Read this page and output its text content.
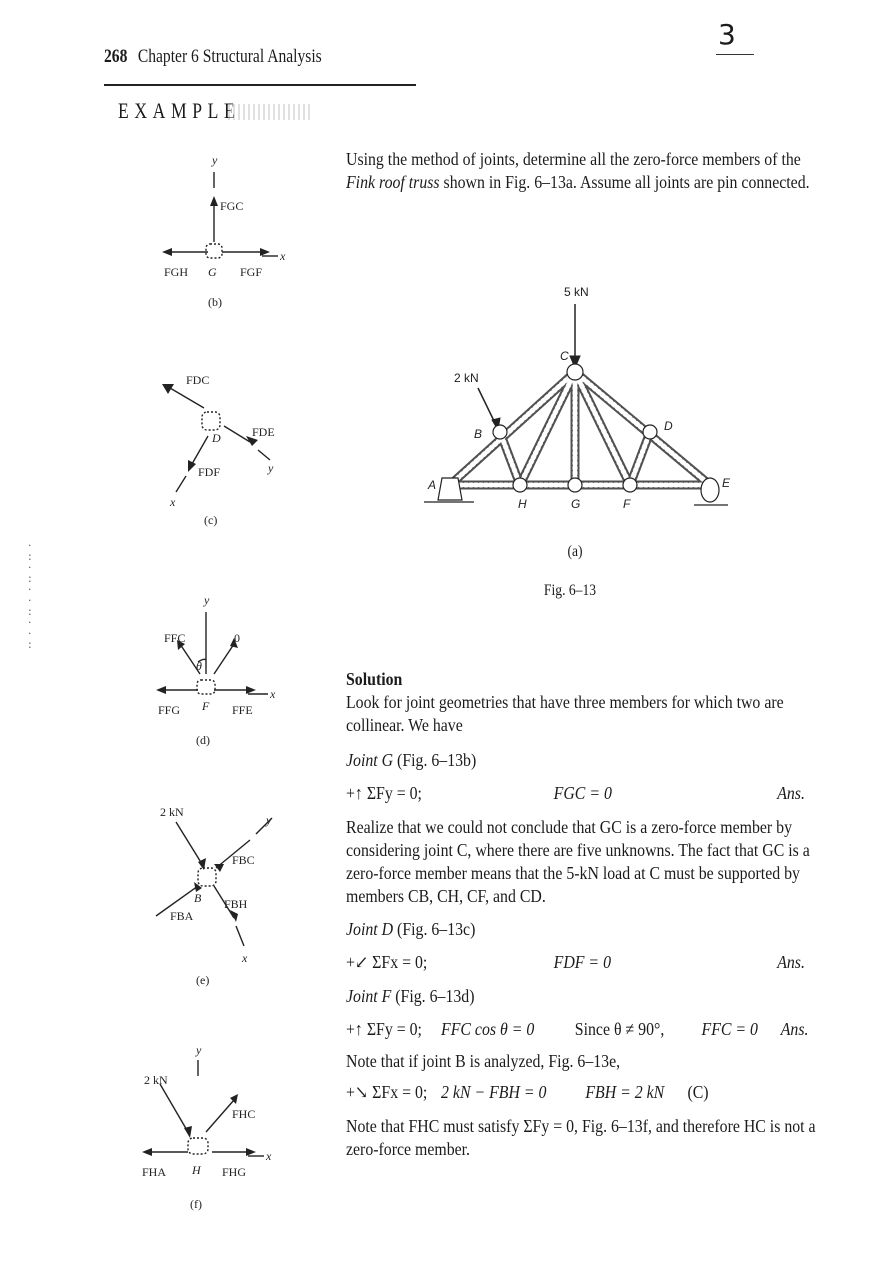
3
268 Chapter 6 Structural Analysis
EXAMPLE
·
:
·
:
·
·
:
·
·
:

Using the method of joints, determine all the zero-force members of the Fink roof truss shown in Fig. 6–13a. Assume all joints are pin connected.

5 kN
2 kN
A
B
C
D
E
H	G	F
(a)
Fig. 6–13
y
x
FGC
FGH G FGF
(b)
FDC
D	FDE
FDF	y
x
(c)
y
FFC	0
θ
x
FFG F FFE
(d)
2 kN
y
FBC
B
FBA
FBH
x
(e)
y
2 kN
FHC
x
FHA H FHG
(f)

Solution

Look for joint geometries that have three members for which two are collinear. We have

Joint G (Fig. 6–13b)

+↑ ΣFy = 0;	FGC = 0	Ans.

Realize that we could not conclude that GC is a zero-force member by considering joint C, where there are five unknowns. The fact that GC is a zero-force member means that the 5-kN load at C must be supported by members CB, CH, CF, and CD.

Joint D (Fig. 6–13c)

+↙ ΣFx = 0;	FDF = 0	Ans.

Joint F (Fig. 6–13d)

+↑ ΣFy = 0; FFC cos θ = 0 Since θ ≠ 90°, FFC = 0 Ans.

Note that if joint B is analyzed, Fig. 6–13e,

+↘ ΣFx = 0; 2 kN − FBH = 0 FBH = 2 kN (C)

Note that FHC must satisfy ΣFy = 0, Fig. 6–13f, and therefore HC is not a zero-force member.
